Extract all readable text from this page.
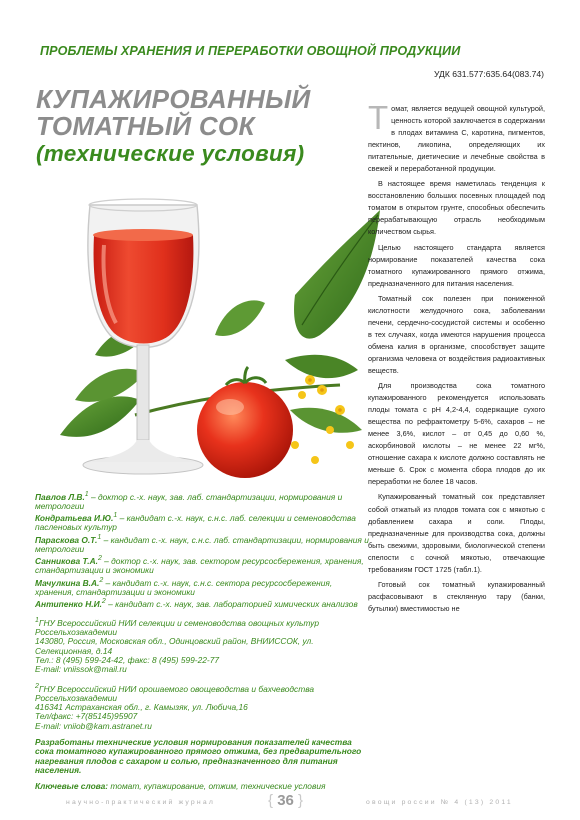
ПРОБЛЕМЫ ХРАНЕНИЯ И ПЕРЕРАБОТКИ ОВОЩНОЙ ПРОДУКЦИИ
УДК 631.577:635.64(083.74)
КУПАЖИРОВАННЫЙ
ТОМАТНЫЙ СОК
(технические условия)

Томат, является ведущей овощной культурой, ценность которой заключается в содержании в плодах витамина С, каротина, пигментов, пектинов, ликопина, определяющих их питательные, диетические и лечебные свойства в свежей и переработанной продукции.

В настоящее время наметилась тенденция к восстановлению больших посевных площадей под томатом в открытом грунте, способных обеспечить перерабатывающую отрасль необходимым количеством сырья.

Целью настоящего стандарта является нормирование показателей качества сока томатного купажированного прямого отжима, предназначенного для питания населения.

Томатный сок полезен при пониженной кислотности желудочного сока, заболевании печени, сердечно-сосудистой системы и особенно в тех случаях, когда имеются нарушения процесса обмена калия в организме, способствует защите организма человека от воздействия радиоактивных веществ.

Для производства сока томатного купажированного рекомендуется использовать плоды томата с рН 4,2-4,4, содержащие сухого вещества по рефрактометру 5-6%, сахаров – не менее 3,6%, кислот – от 0,45 до 0,60 %, аскорбиновой кислоты – не менее 22 мг%, отношение сахара к кислоте должно составлять не меньше 6. Срок с момента сбора плодов до их переработки не более 18 часов.

Купажированный томатный сок представляет собой отжатый из плодов томата сок с мякотью с добавлением сахара и соли. Плоды, предназначенные для производства сока, должны быть свежими, здоровыми, биологической степени спелости с сочной мякотью, отвечающие требованиям ГОСТ 1725 (табл.1).

Готовый сок томатный купажированный расфасовывают в стеклянную тару (банки, бутылки) вместимостью не

Павлов Л.В.$^1$ – доктор с.-х. наук, зав. лаб. стандартизации, нормирования и метрологии

Кондратьева И.Ю.$^1$ – кандидат с.-х. наук, с.н.с. лаб. селекции и семеноводства пасленовых культур

Парaскова О.Т.$^1$ – кандидат с.-х. наук, с.н.с. лаб. стандартизации, нормирования и метрологии

Санникова Т.А.$^2$ – доктор с.-х. наук, зав. сектором ресурсосбережения, хранения, стандартизации и экономики

Мачулкина В.А.$^2$ – кандидат с.-х. наук, с.н.с. сектора ресурсосбережения, хранения, стандартизации и экономики

Антипенко Н.И.$^2$ – кандидат с.-х. наук, зав. лабораторией химических анализов

$^1$ГНУ Всероссийский НИИ селекции и семеноводства овощных культур Россельхозакадемии
143080, Россия, Московская обл., Одинцовский район, ВНИИССОК, ул. Селекционная, д.14
Тел.: 8 (495) 599-24-42, факс: 8 (495) 599-22-77
E-mail: vniissok@mail.ru
$^2$ГНУ Всероссийский НИИ орошаемого овощеводства и бахчеводства Россельхозакадемии
416341 Астраханская обл., г. Камызяк, ул. Любича,16
Тел/факс: +7(85145)95907
E-mail: vniiob@kam.astranet.ru

Разработаны технические условия нормирования показателей качества сока томатного купажированного прямого отжима, без предварительного нагревания плодов с сахаром и солью, предназначенного для питания населения.

Ключевые слова: томат, купажирование, отжим, технические условия

научно-практический журнал	{ 36 }	овощи россии № 4 (13) 2011
